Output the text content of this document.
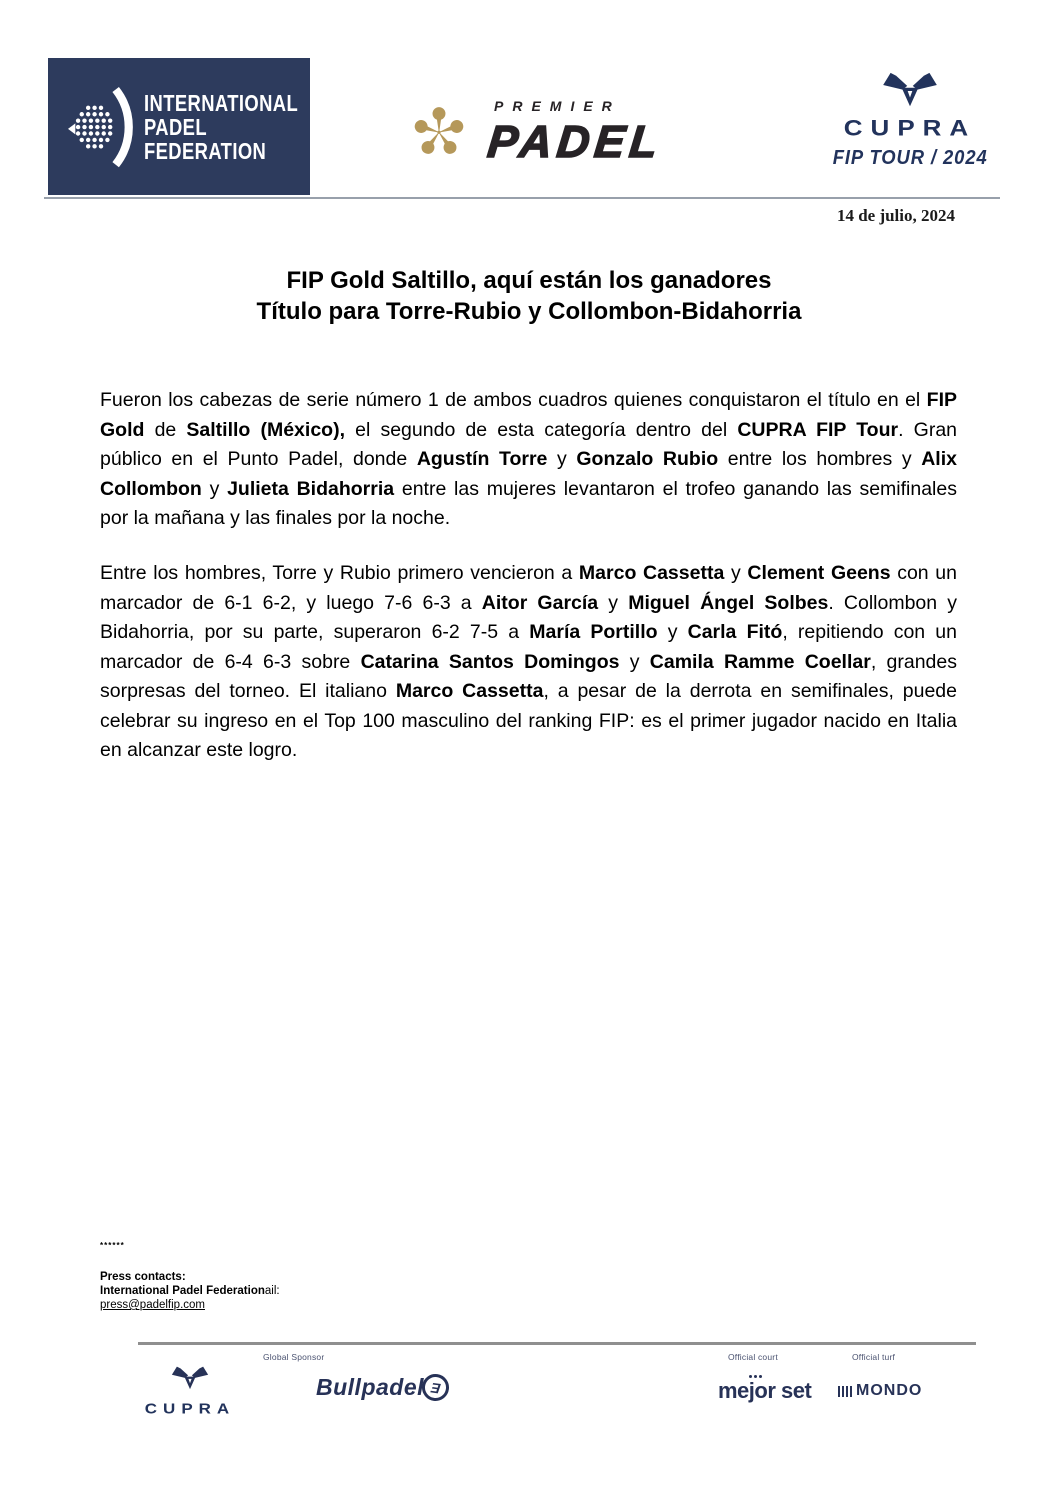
INTERNATIONAL
PADEL
FEDERATION
PREMIER
PADEL	CUPRA
FIP TOUR / 2024
14 de julio, 2024
FIP Gold Saltillo, aquí están los ganadores
Título para Torre-Rubio y Collombon-Bidahorria

Fueron los cabezas de serie número 1 de ambos cuadros quienes conquistaron el título en el FIP Gold de Saltillo (México), el segundo de esta categoría dentro del CUPRA FIP Tour. Gran público en el Punto Padel, donde Agustín Torre y Gonzalo Rubio entre los hombres y Alix Collombon y Julieta Bidahorria entre las mujeres levantaron el trofeo ganando las semifinales por la mañana y las finales por la noche.

Entre los hombres, Torre y Rubio primero vencieron a Marco Cassetta y Clement Geens con un marcador de 6-1 6-2, y luego 7-6 6-3 a Aitor García y Miguel Ángel Solbes. Collombon y Bidahorria, por su parte, superaron 6-2 7-5 a María Portillo y Carla Fitó, repitiendo con un marcador de 6-4 6-3 sobre Catarina Santos Domingos y Camila Ramme Coellar, grandes sorpresas del torneo. El italiano Marco Cassetta, a pesar de la derrota en semifinales, puede celebrar su ingreso en el Top 100 masculino del ranking FIP: es el primer jugador nacido en Italia en alcanzar este logro.

******
Press contacts:
International Padel Federationail:
press@padelfip.com
Global Sponsor	Official court	Official turf
CUPRA
Bullpadel Ǝ	mejor set	MONDO
